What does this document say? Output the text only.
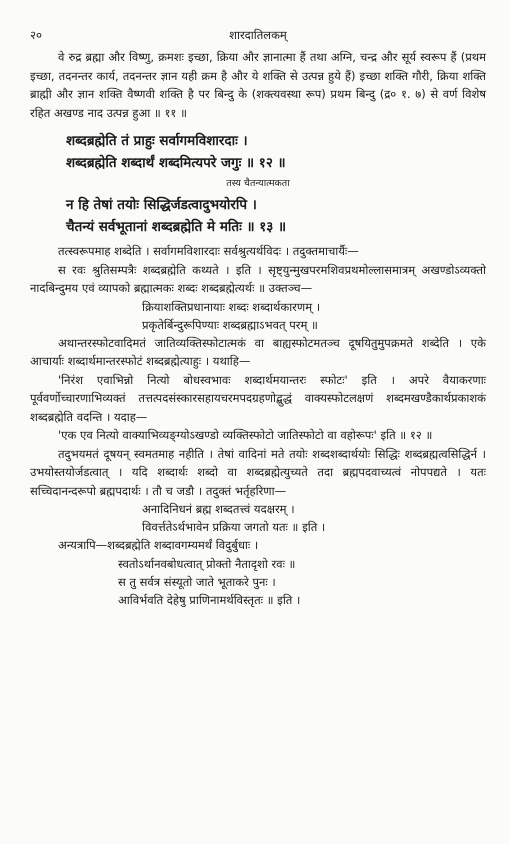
२०	शारदातिलकम्

वे रुद्र ब्रह्मा और विष्णु, क्रमशः इच्छा, क्रिया और ज्ञानात्मा हैं तथा अग्नि, चन्द्र और सूर्य स्वरूप हैं (प्रथम इच्छा, तदनन्तर कार्य, तदनन्तर ज्ञान यही क्रम है और ये शक्ति से उत्पन्न हुये हैं) इच्छा शक्ति गौरी, क्रिया शक्ति ब्राह्मी और ज्ञान शक्ति वैष्णवी शक्ति है पर बिन्दु के (शक्त्यवस्था रूप) प्रथम बिन्दु (द्र० १. ७) से वर्ण विशेष रहित अखण्ड नाद उत्पन्न हुआ ॥ ११ ॥

शब्दब्रह्मेति तं प्राहुः सर्वागमविशारदाः ।

शब्दब्रह्मेति शब्दार्थं शब्दमित्यपरे जगुः ॥ १२ ॥

तस्य चैतन्यात्मकता

न हि तेषां तयोः सिद्धिर्जडत्वादुभयोरपि ।

चैतन्यं सर्वभूतानां शब्दब्रह्मेति मे मतिः ॥ १३ ॥

तत्स्वरूपमाह शब्देति । सर्वागमविशारदाः सर्वश्रुत्यर्थविदः । तदुक्तमाचार्यैः—

स रवः श्रुतिसम्पत्रैः शब्दब्रह्मेति कथ्यते । इति । सृष्ट्युन्मुखपरमशिवप्रथमोल्लासमात्रम् अखण्डोऽव्यक्तो नादबिन्दुमय एवं व्यापको ब्रह्मात्मकः शब्दः शब्दब्रह्मेत्यर्थः ॥ उक्तञ्च—

क्रियाशक्तिप्रधानायाः शब्दः शब्दार्थकारणम् ।

प्रकृतेर्बिन्दुरूपिण्याः शब्दब्रह्माऽभवत् परम् ॥

अथान्तरस्फोटवादिमतं जातिव्यक्तिस्फोटात्मकं वा बाह्यस्फोटमतञ्च दूषयितुमुपक्रमते शब्देति । एके आचार्याः शब्दार्थमान्तरस्फोटं शब्दब्रह्मेत्याहुः । यथाहि—

'निरंश एवाभिन्नो नित्यो बोधस्वभावः शब्दार्थमयान्तरः स्फोटः' इति । अपरे वैयाकरणाः पूर्ववर्णोच्चारणाभिव्यक्तं तत्तत्पदसंस्कारसहायचरमपदग्रहणोद्बुद्धं वाक्यस्फोटलक्षणं शब्दमखण्डैकार्थप्रकाशकं शब्दब्रह्मेति वदन्ति । यदाह—

'एक एव नित्यो वाक्याभिव्यङ्ग्योऽखण्डो व्यक्तिस्फोटो जातिस्फोटो वा वहोरूपः' इति ॥ १२ ॥

तदुभयमतं दूषयन् स्वमतमाह नहीति । तेषां वादिनां मते तयोः शब्दशब्दार्थयोः सिद्धिः शब्दब्रह्मत्वसिद्धिर्न । उभयोस्तयोर्जडत्वात् । यदि शब्दार्थः शब्दो वा शब्दब्रह्मेत्युच्यते तदा ब्रह्मपदवाच्यत्वं नोपपद्यते । यतः सच्चिदानन्दरूपो ब्रह्मपदार्थः । तौ च जडौ । तदुक्तं भर्तृहरिणा—

अनादिनिधनं ब्रह्म शब्दतत्त्वं यदक्षरम् ।

विवर्त्ततेऽर्थभावेन प्रक्रिया जगतो यतः ॥ इति ।

अन्यत्रापि—शब्दब्रह्मेति शब्दावगम्यमर्थं विदुर्बुधाः ।

स्वतोऽर्थानवबोधत्वात् प्रोक्तो नैतादृशो रवः ॥

स तु सर्वत्र संस्यूतो जाते भूताकरे पुनः ।

आविर्भवति देहेषु प्राणिनामर्थविस्तृतः ॥ इति ।
